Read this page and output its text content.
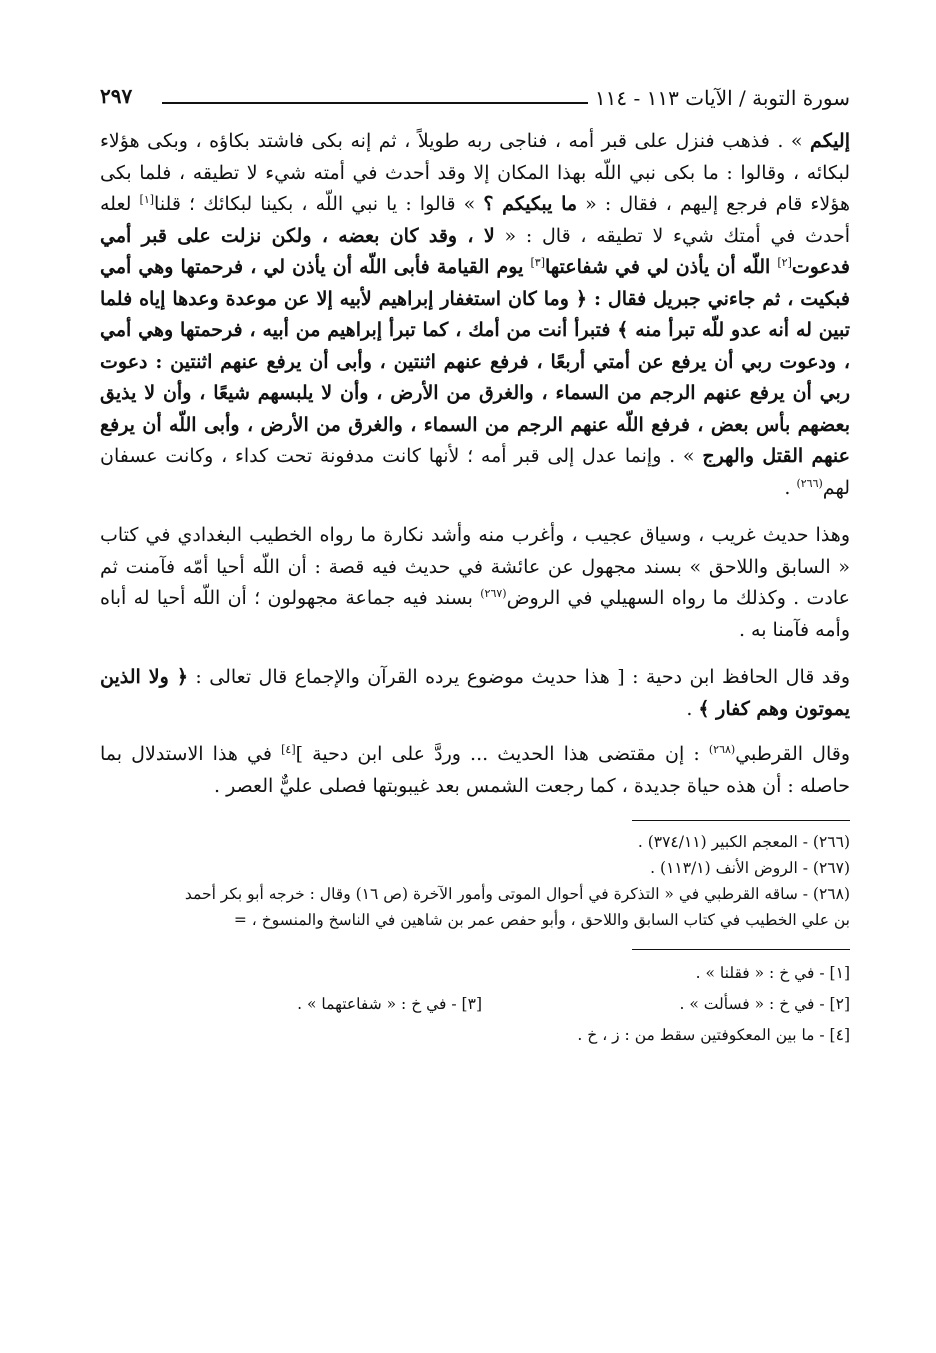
سورة التوبة / الآيات ١١٣ - ١١٤
٢٩٧

إليكم » . فذهب فنزل على قبر أمه ، فناجى ربه طويلاً ، ثم إنه بكى فاشتد بكاؤه ، وبكى هؤلاء لبكائه ، وقالوا : ما بكى نبي اللّه بهذا المكان إلا وقد أحدث في أمته شيء لا تطيقه ، فلما بكى هؤلاء قام فرجع إليهم ، فقال : « ما يبكيكم ؟ » قالوا : يا نبي اللّه ، بكينا لبكائك ؛ قلنا[١] لعله أحدث في أمتك شيء لا تطيقه ، قال : « لا ، وقد كان بعضه ، ولكن نزلت على قبر أمي فدعوت[٢] اللّه أن يأذن لي في شفاعتها[٣] يوم القيامة فأبى اللّه أن يأذن لي ، فرحمتها وهي أمي فبكيت ، ثم جاءني جبريل فقال : ﴿ وما كان استغفار إبراهيم لأبيه إلا عن موعدة وعدها إياه فلما تبين له أنه عدو للّه تبرأ منه ﴾ فتبرأ أنت من أمك ، كما تبرأ إبراهيم من أبيه ، فرحمتها وهي أمي ، ودعوت ربي أن يرفع عن أمتي أربعًا ، فرفع عنهم اثنتين ، وأبى أن يرفع عنهم اثنتين : دعوت ربي أن يرفع عنهم الرجم من السماء ، والغرق من الأرض ، وأن لا يلبسهم شيعًا ، وأن لا يذيق بعضهم بأس بعض ، فرفع اللّه عنهم الرجم من السماء ، والغرق من الأرض ، وأبى اللّه أن يرفع عنهم القتل والهرج » . وإنما عدل إلى قبر أمه ؛ لأنها كانت مدفونة تحت كداء ، وكانت عسفان لهم$^{(٢٦٦)}$ .

وهذا حديث غريب ، وسياق عجيب ، وأغرب منه وأشد نكارة ما رواه الخطيب البغدادي في كتاب « السابق واللاحق » بسند مجهول عن عائشة في حديث فيه قصة : أن اللّه أحيا أمّه فآمنت ثم عادت . وكذلك ما رواه السهيلي في الروض$^{(٢٦٧)}$ بسند فيه جماعة مجهولون ؛ أن اللّه أحيا له أباه وأمه فآمنا به .

وقد قال الحافظ ابن دحية : [ هذا حديث موضوع يرده القرآن والإجماع قال تعالى : ﴿ ولا الذين يموتون وهم كفار ﴾ .

وقال القرطبي$^{(٢٦٨)}$ : إن مقتضى هذا الحديث ... وردَّ على ابن دحية ][٤] في هذا الاستدلال بما حاصله : أن هذه حياة جديدة ، كما رجعت الشمس بعد غيبوبتها فصلى عليٌّ العصر .

(٢٦٦) - المعجم الكبير (٣٧٤/١١) .

(٢٦٧) - الروض الأنف (١١٣/١) .

(٢٦٨) - ساقه القرطبي في « التذكرة في أحوال الموتى وأمور الآخرة (ص ١٦) وقال : خرجه أبو بكر أحمد

بن علي الخطيب في كتاب السابق واللاحق ، وأبو حفص عمر بن شاهين في الناسخ والمنسوخ ، =

[١] - في خ : « فقلنا » .

[٢] - في خ : « فسألت » .
[٣] - في خ : « شفاعتهما » .

[٤] - ما بين المعكوفتين سقط من : ز ، خ .
